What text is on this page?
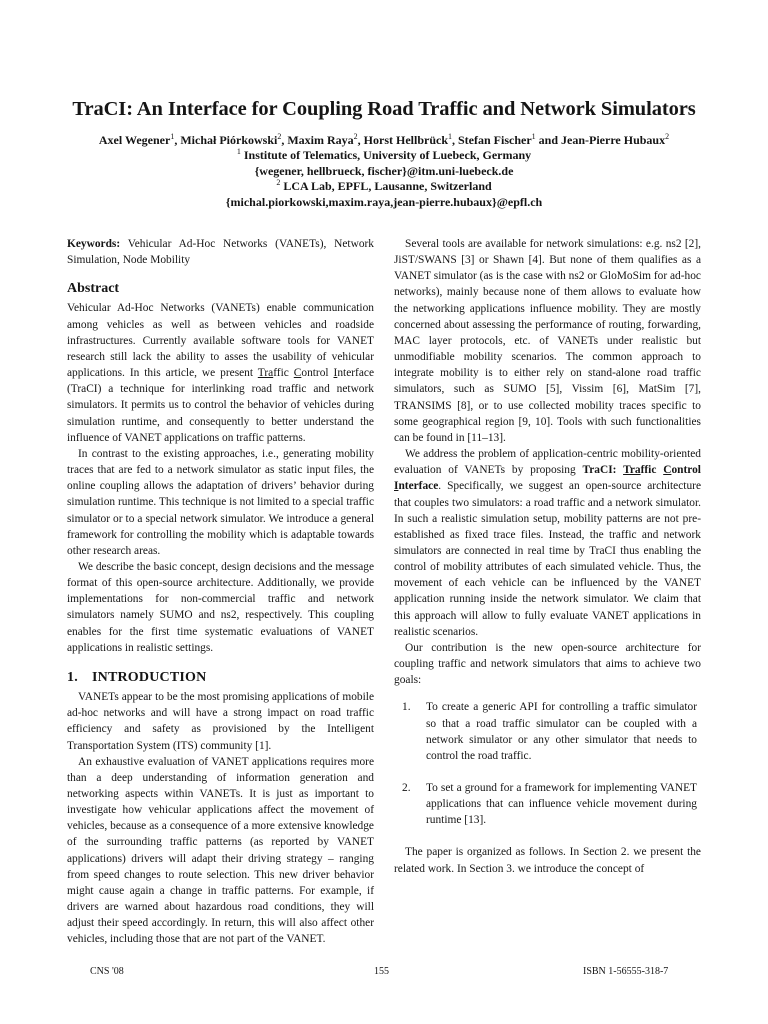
TraCI: An Interface for Coupling Road Traffic and Network Simulators
Axel Wegener$^1$, Michał Piórkowski$^2$, Maxim Raya$^2$, Horst Hellbrück$^1$, Stefan Fischer$^1$ and Jean-Pierre Hubaux$^2$
$^1$ Institute of Telematics, University of Luebeck, Germany
{wegener, hellbrueck, fischer}@itm.uni-luebeck.de
$^2$ LCA Lab, EPFL, Lausanne, Switzerland
{michal.piorkowski,maxim.raya,jean-pierre.hubaux}@epfl.ch

Keywords: Vehicular Ad-Hoc Networks (VANETs), Network Simulation, Node Mobility

Abstract

Vehicular Ad-Hoc Networks (VANETs) enable communication among vehicles as well as between vehicles and roadside infrastructures. Currently available software tools for VANET research still lack the ability to asses the usability of vehicular applications. In this article, we present Traffic Control Interface (TraCI) a technique for interlinking road traffic and network simulators. It permits us to control the behavior of vehicles during simulation runtime, and consequently to better understand the influence of VANET applications on traffic patterns.

In contrast to the existing approaches, i.e., generating mobility traces that are fed to a network simulator as static input files, the online coupling allows the adaptation of drivers’ behavior during simulation runtime. This technique is not limited to a special traffic simulator or to a special network simulator. We introduce a general framework for controlling the mobility which is adaptable towards other research areas.

We describe the basic concept, design decisions and the message format of this open-source architecture. Additionally, we provide implementations for non-commercial traffic and network simulators namely SUMO and ns2, respectively. This coupling enables for the first time systematic evaluations of VANET applications in realistic settings.

1. INTRODUCTION

VANETs appear to be the most promising applications of mobile ad-hoc networks and will have a strong impact on road traffic efficiency and safety as provisioned by the Intelligent Transportation System (ITS) community [1].

An exhaustive evaluation of VANET applications requires more than a deep understanding of information generation and networking aspects within VANETs. It is just as important to investigate how vehicular applications affect the movement of vehicles, because as a consequence of a more extensive knowledge of the surrounding traffic patterns (as reported by VANET applications) drivers will adapt their driving strategy – ranging from speed changes to route selection. This new driver behavior might cause again a change in traffic patterns. For example, if drivers are warned about hazardous road conditions, they will adjust their speed accordingly. In return, this will also affect other vehicles, including those that are not part of the VANET.

Several tools are available for network simulations: e.g. ns2 [2], JiST/SWANS [3] or Shawn [4]. But none of them qualifies as a VANET simulator (as is the case with ns2 or GloMoSim for ad-hoc networks), mainly because none of them allows to evaluate how the networking applications influence mobility. They are mostly concerned about assessing the performance of routing, forwarding, MAC layer protocols, etc. of VANETs under realistic but unmodifiable mobility scenarios. The common approach to integrate mobility is to either rely on stand-alone road traffic simulators, such as SUMO [5], Vissim [6], MatSim [7], TRANSIMS [8], or to use collected mobility traces specific to some geographical region [9, 10]. Tools with such functionalities can be found in [11–13].

We address the problem of application-centric mobility-oriented evaluation of VANETs by proposing TraCI: Traffic Control Interface. Specifically, we suggest an open-source architecture that couples two simulators: a road traffic and a network simulator. In such a realistic simulation setup, mobility patterns are not pre-established as fixed trace files. Instead, the traffic and network simulators are connected in real time by TraCI thus enabling the control of mobility attributes of each simulated vehicle. Thus, the movement of each vehicle can be influenced by the VANET application running inside the network simulator. We claim that this approach will allow to fully evaluate VANET applications in realistic scenarios.

Our contribution is the new open-source architecture for coupling traffic and network simulators that aims to achieve two goals:

1.	To create a generic API for controlling a traffic simulator so that a road traffic simulator can be coupled with a network simulator or any other simulator that needs to control the road traffic.
2.	To set a ground for a framework for implementing VANET applications that can influence vehicle movement during runtime [13].

The paper is organized as follows. In Section 2. we present the related work. In Section 3. we introduce the concept of

CNS '08	155	ISBN 1-56555-318-7
